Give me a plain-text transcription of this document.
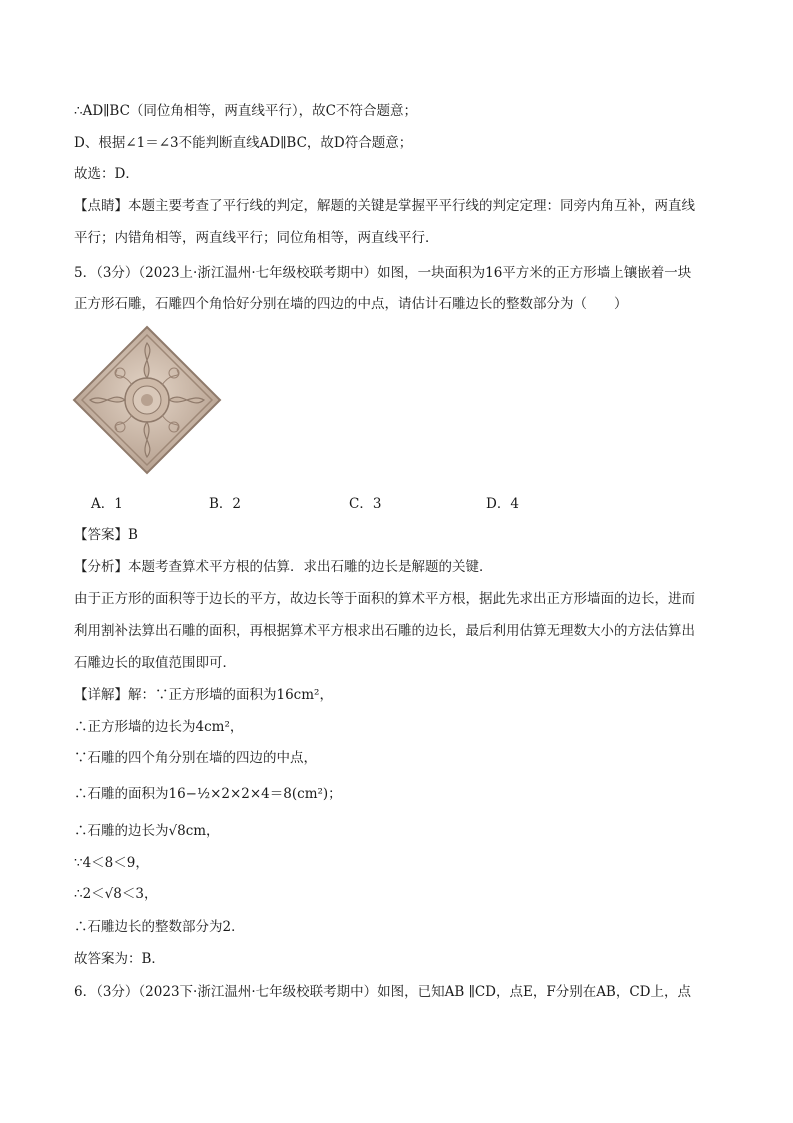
∴AD∥BC（同位角相等，两直线平行），故C不符合题意；
D、根据∠1＝∠3不能判断直线AD∥BC，故D符合题意；
故选：D．
【点睛】本题主要考查了平行线的判定，解题的关键是掌握平平行线的判定定理：同旁内角互补，两直线
平行；内错角相等，两直线平行；同位角相等，两直线平行．
5．（3分）（2023上·浙江温州·七年级校联考期中）如图，一块面积为16平方米的正方形墙上镶嵌着一块
正方形石雕，石雕四个角恰好分别在墙的四边的中点，请估计石雕边长的整数部分为（　　）
A．1	B．2	C．3	D．4
【答案】B
【分析】本题考查算术平方根的估算．求出石雕的边长是解题的关键．
由于正方形的面积等于边长的平方，故边长等于面积的算术平方根，据此先求出正方形墙面的边长，进而
利用割补法算出石雕的面积，再根据算术平方根求出石雕的边长，最后利用估算无理数大小的方法估算出
石雕边长的取值范围即可．
【详解】解：∵正方形墙的面积为16cm²，
∴正方形墙的边长为4cm²，
∵石雕的四个角分别在墙的四边的中点，
∴石雕的面积为16−½×2×2×4＝8(cm²)；
∴石雕的边长为√8cm，
∵4＜8＜9，
∴2＜√8＜3，
∴石雕边长的整数部分为2．
故答案为：B．
6．（3分）（2023下·浙江温州·七年级校联考期中）如图，已知AB ∥CD，点E，F分别在AB，CD上，点
